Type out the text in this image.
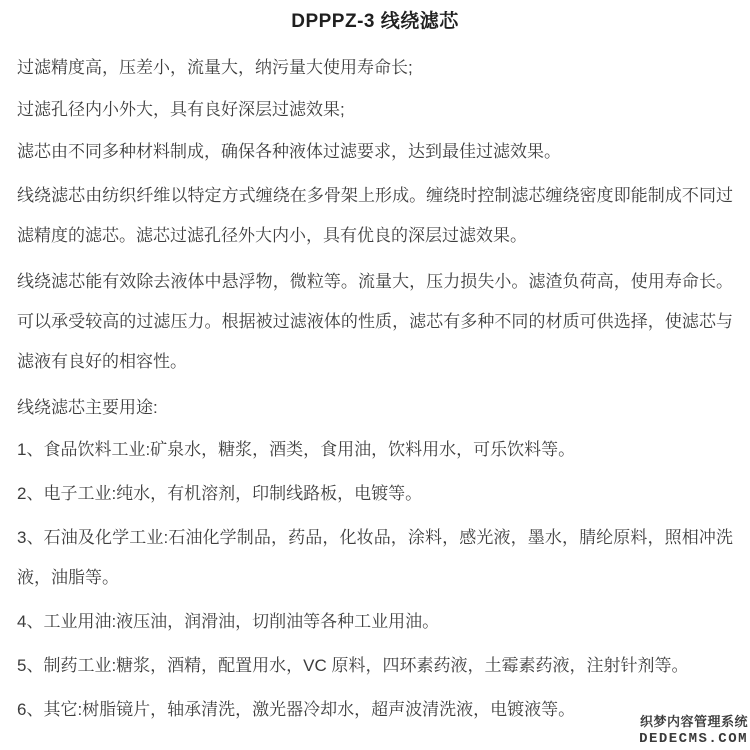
DPPPZ-3 线绕滤芯

过滤精度高，压差小，流量大，纳污量大使用寿命长;

过滤孔径内小外大，具有良好深层过滤效果;

滤芯由不同多种材料制成，确保各种液体过滤要求，达到最佳过滤效果。

线绕滤芯由纺织纤维以特定方式缠绕在多骨架上形成。缠绕时控制滤芯缠绕密度即能制成不同过滤精度的滤芯。滤芯过滤孔径外大内小，具有优良的深层过滤效果。

线绕滤芯能有效除去液体中悬浮物，微粒等。流量大，压力损失小。滤渣负荷高，使用寿命长。可以承受较高的过滤压力。根据被过滤液体的性质，滤芯有多种不同的材质可供选择，使滤芯与滤液有良好的相容性。

线绕滤芯主要用途:

1、食品饮料工业:矿泉水，糖浆，酒类，食用油，饮料用水，可乐饮料等。

2、电子工业:纯水，有机溶剂，印制线路板，电镀等。

3、石油及化学工业:石油化学制品，药品，化妆品，涂料，感光液，墨水，腈纶原料，照相冲洗液，油脂等。

4、工业用油:液压油，润滑油，切削油等各种工业用油。

5、制药工业:糖浆，酒精，配置用水，VC 原料，四环素药液，土霉素药液，注射针剂等。

6、其它:树脂镜片，轴承清洗，激光器冷却水，超声波清洗液，电镀液等。

织梦内容管理系统
DEDECMS.COM
